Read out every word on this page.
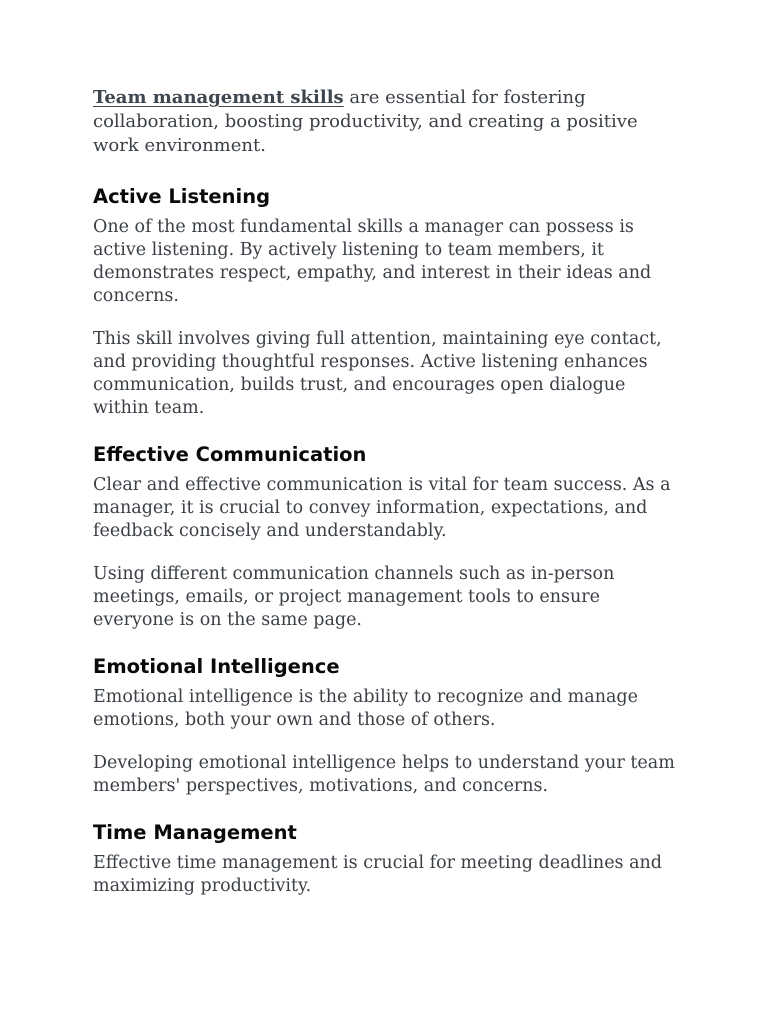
Team management skills are essential for fostering collaboration, boosting productivity, and creating a positive work environment.

Active Listening

One of the most fundamental skills a manager can possess is active listening. By actively listening to team members, it demonstrates respect, empathy, and interest in their ideas and concerns.

This skill involves giving full attention, maintaining eye contact, and providing thoughtful responses. Active listening enhances communication, builds trust, and encourages open dialogue within team.

Effective Communication

Clear and effective communication is vital for team success. As a manager, it is crucial to convey information, expectations, and feedback concisely and understandably.

Using different communication channels such as in-person meetings, emails, or project management tools to ensure everyone is on the same page.

Emotional Intelligence

Emotional intelligence is the ability to recognize and manage emotions, both your own and those of others.

Developing emotional intelligence helps to understand your team members' perspectives, motivations, and concerns.

Time Management

Effective time management is crucial for meeting deadlines and maximizing productivity.
